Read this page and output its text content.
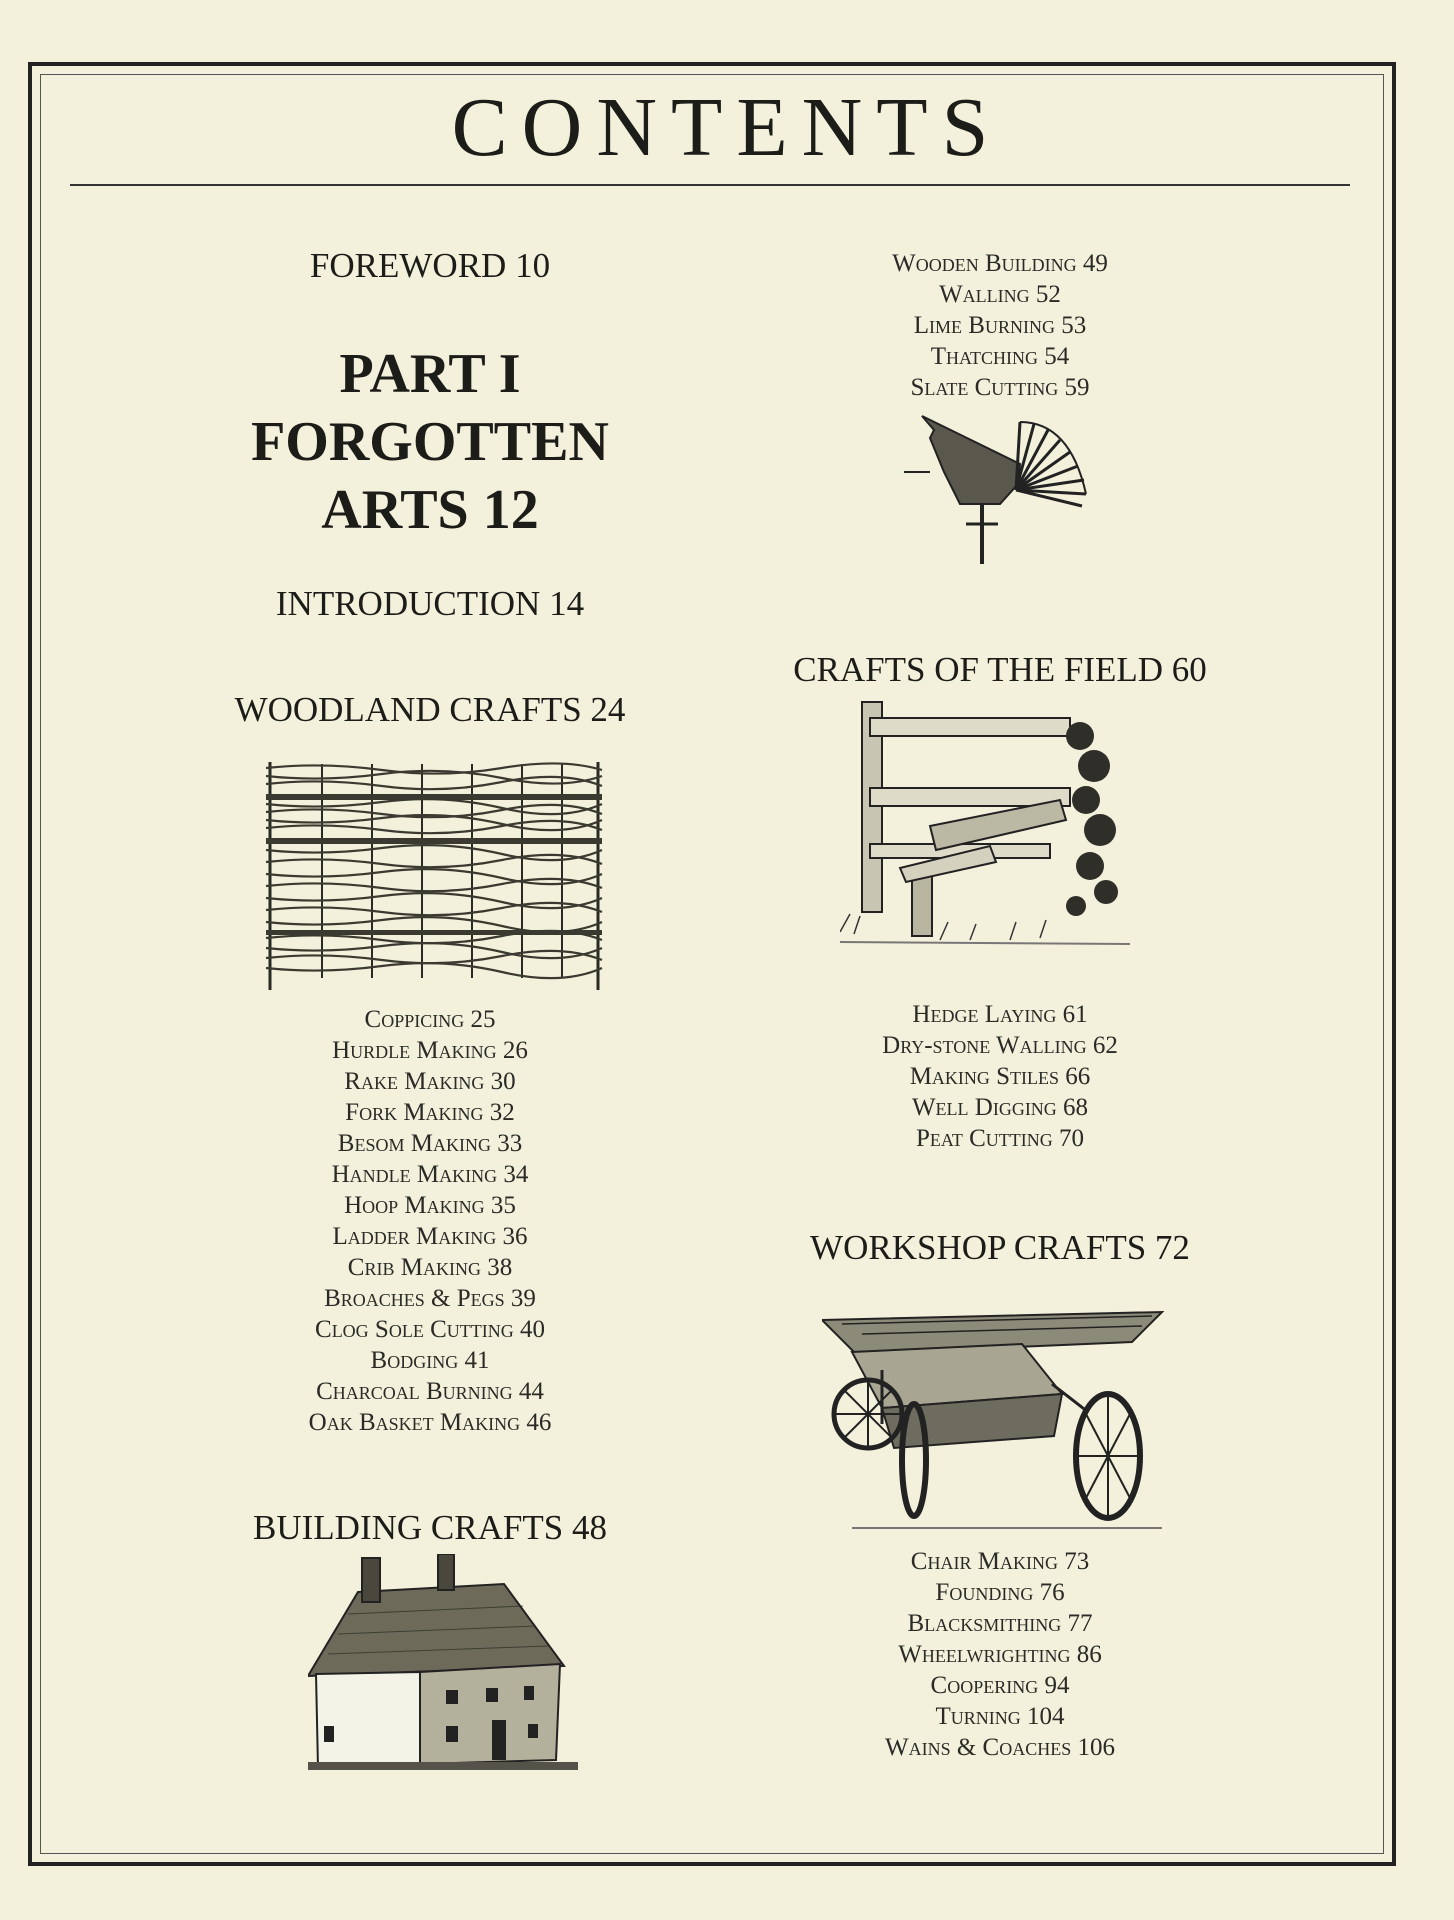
CONTENTS
FOREWORD 10
PART I
FORGOTTEN
ARTS 12
INTRODUCTION 14
WOODLAND CRAFTS 24
Coppicing 25
Hurdle Making 26
Rake Making 30
Fork Making 32
Besom Making 33
Handle Making 34
Hoop Making 35
Ladder Making 36
Crib Making 38
Broaches & Pegs 39
Clog Sole Cutting 40
Bodging 41
Charcoal Burning 44
Oak Basket Making 46
BUILDING CRAFTS 48
Wooden Building 49
Walling 52
Lime Burning 53
Thatching 54
Slate Cutting 59
CRAFTS OF THE FIELD 60
Hedge Laying 61
Dry-stone Walling 62
Making Stiles 66
Well Digging 68
Peat Cutting 70
WORKSHOP CRAFTS 72
Chair Making 73
Founding 76
Blacksmithing 77
Wheelwrighting 86
Coopering 94
Turning 104
Wains & Coaches 106
